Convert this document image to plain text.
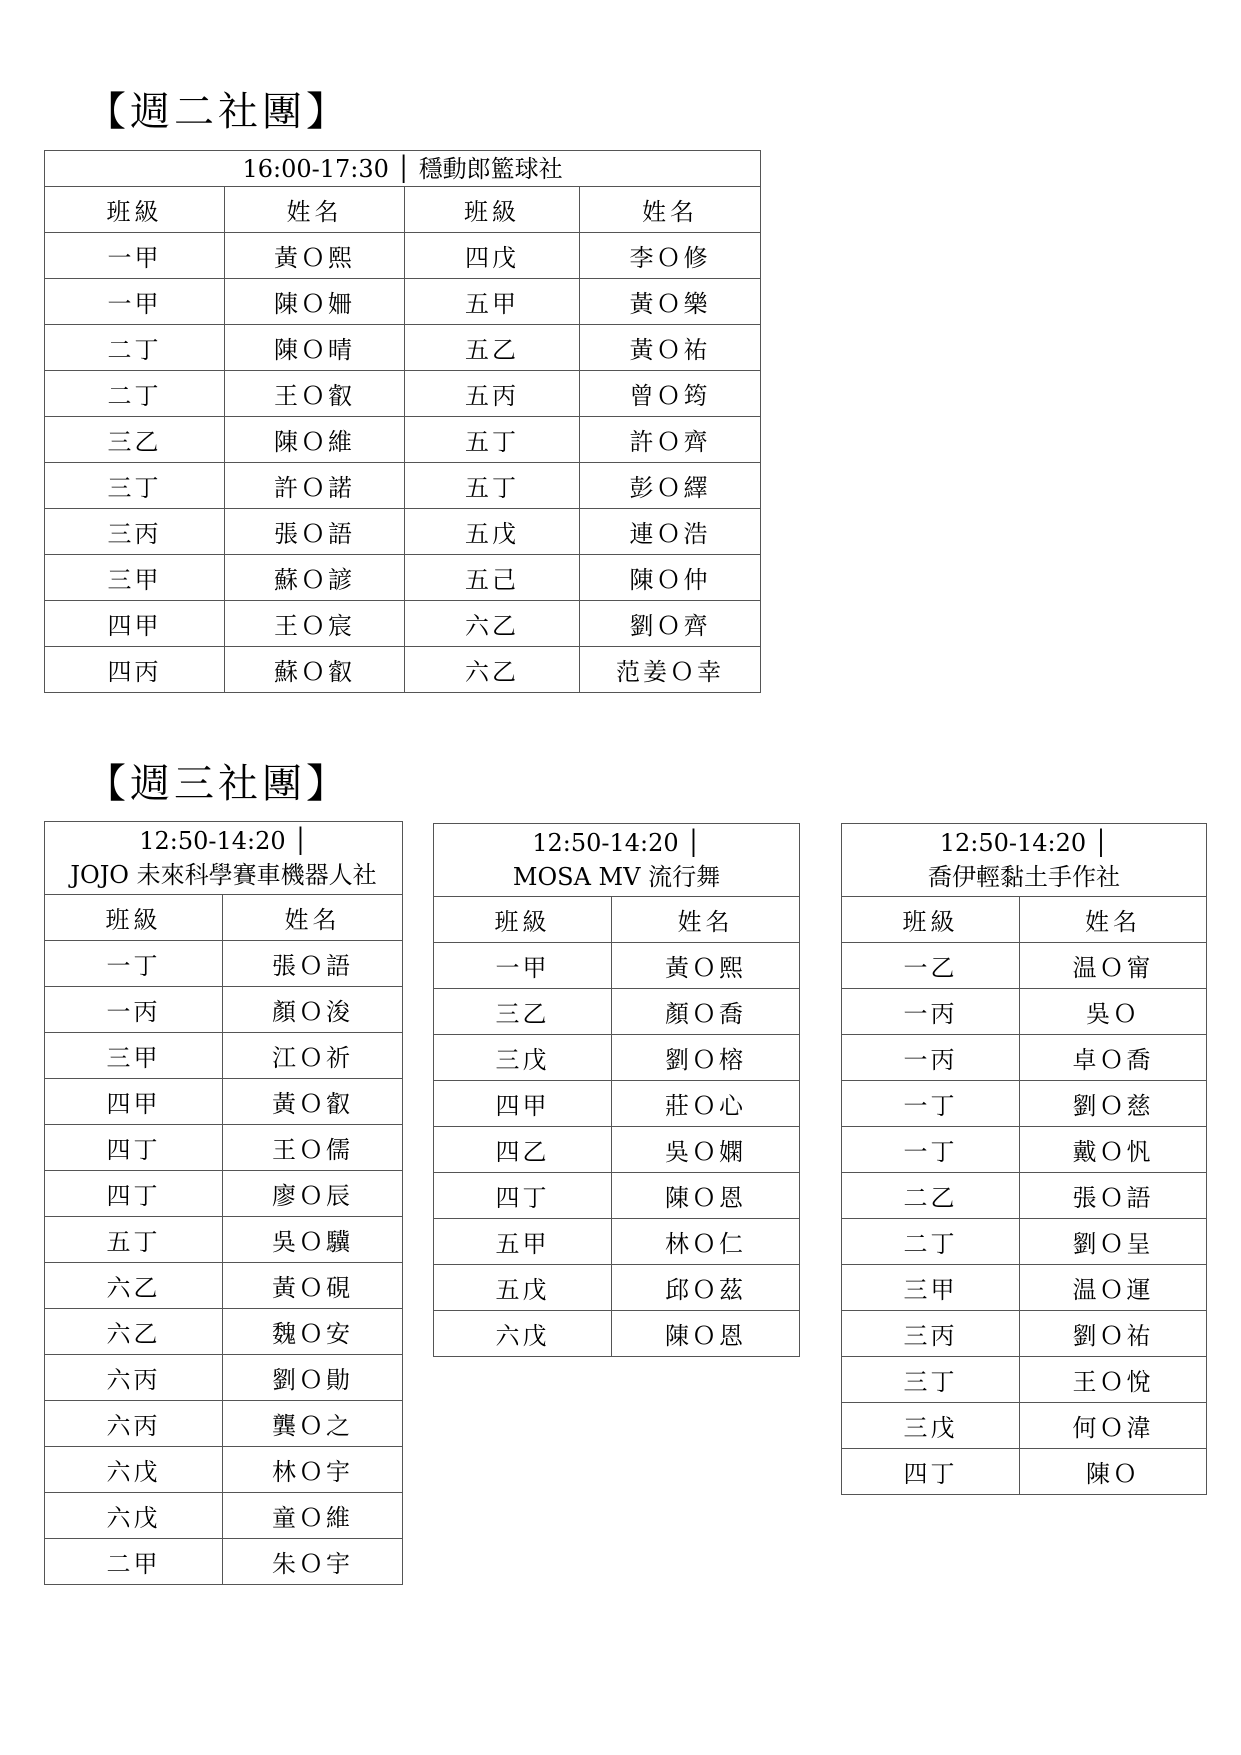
【週二社團】
16:00-17:30 │ 穩動郎籃球社			
班級	姓名	班級	姓名
一甲	黃Ｏ熙	四戊	李Ｏ修
一甲	陳Ｏ姍	五甲	黃Ｏ樂
二丁	陳Ｏ晴	五乙	黃Ｏ祐
二丁	王Ｏ叡	五丙	曾Ｏ筠
三乙	陳Ｏ維	五丁	許Ｏ齊
三丁	許Ｏ諾	五丁	彭Ｏ繹
三丙	張Ｏ語	五戊	連Ｏ浩
三甲	蘇Ｏ諺	五己	陳Ｏ仲
四甲	王Ｏ宸	六乙	劉Ｏ齊
四丙	蘇Ｏ叡	六乙	范姜Ｏ幸
【週三社團】
12:50-14:20 │
JOJO 未來科學賽車機器人社	
班級	姓名
一丁	張Ｏ語
一丙	顏Ｏ浚
三甲	江Ｏ祈
四甲	黃Ｏ叡
四丁	王Ｏ儒
四丁	廖Ｏ辰
五丁	吳Ｏ驥
六乙	黃Ｏ硯
六乙	魏Ｏ安
六丙	劉Ｏ勛
六丙	龔Ｏ之
六戊	林Ｏ宇
六戊	童Ｏ維
二甲	朱Ｏ宇
12:50-14:20 │
MOSA MV 流行舞	
班級	姓名
一甲	黃Ｏ熙
三乙	顏Ｏ喬
三戊	劉Ｏ榕
四甲	莊Ｏ心
四乙	吳Ｏ嫻
四丁	陳Ｏ恩
五甲	林Ｏ仁
五戊	邱Ｏ茲
六戊	陳Ｏ恩
12:50-14:20 │
喬伊輕黏土手作社	
班級	姓名
一乙	温Ｏ甯
一丙	吳Ｏ
一丙	卓Ｏ喬
一丁	劉Ｏ慈
一丁	戴Ｏ忛
二乙	張Ｏ語
二丁	劉Ｏ呈
三甲	温Ｏ運
三丙	劉Ｏ祐
三丁	王Ｏ悅
三戊	何Ｏ湋
四丁	陳Ｏ
